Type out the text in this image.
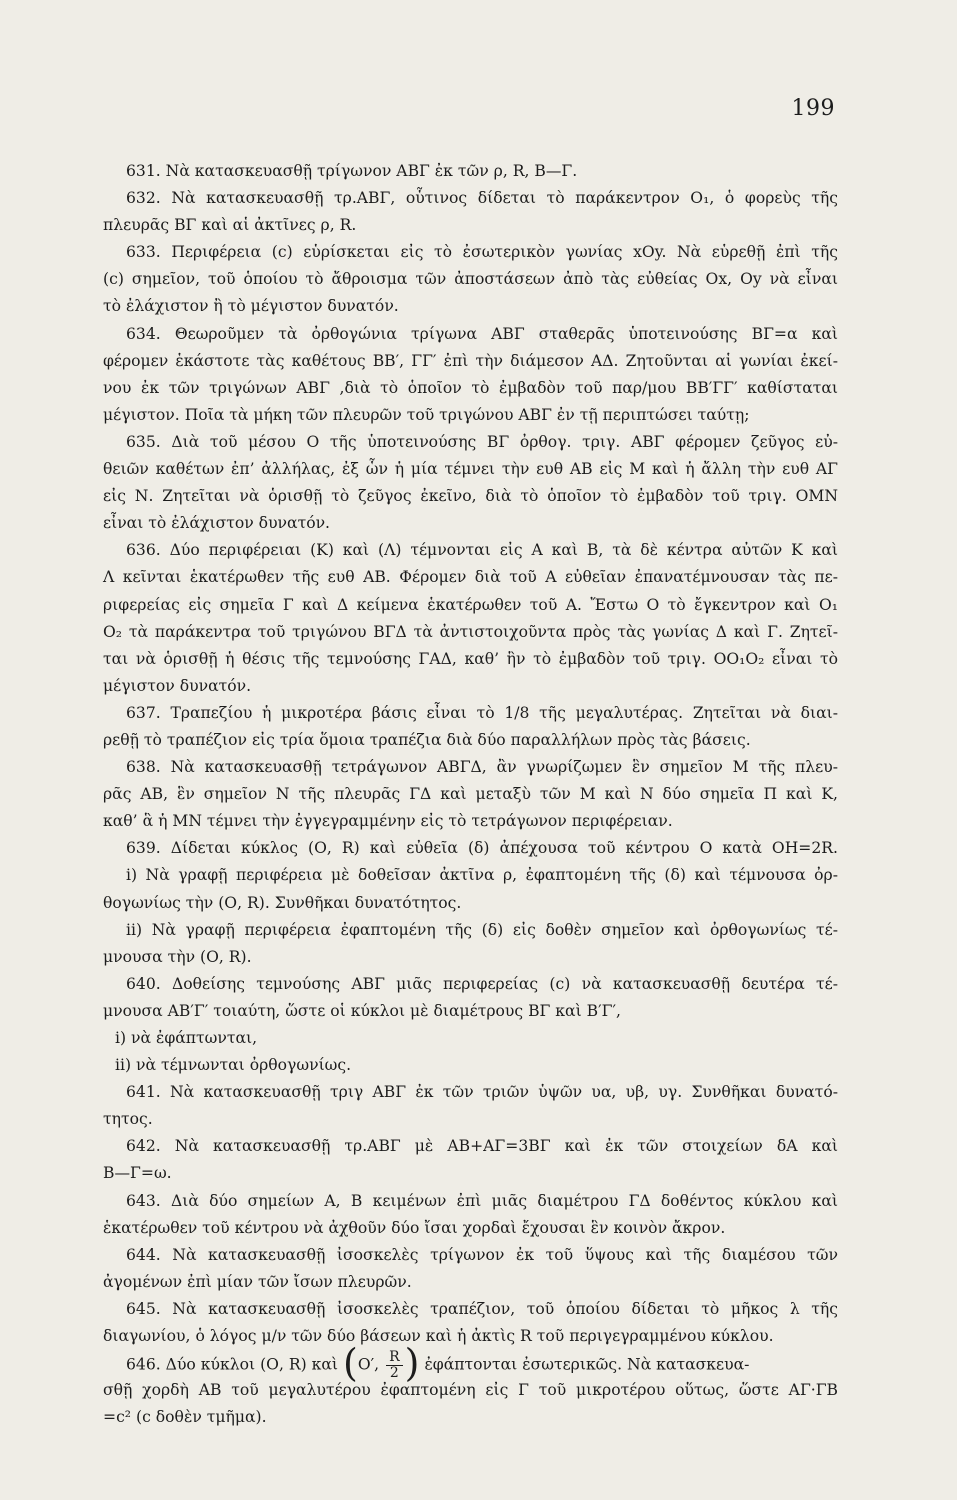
199
631. Νὰ κατασκευασθῇ τρίγωνον ΑΒΓ ἐκ τῶν ρ, R, Β—Γ.
632. Νὰ κατασκευασθῇ τρ.ΑΒΓ, οὗτινος δίδεται τὸ παράκεντρον Ο₁, ὁ φορεὺς τῆς
πλευρᾶς ΒΓ καὶ αἱ ἀκτῖνες ρ, R.
633. Περιφέρεια (c) εὑρίσκεται εἰς τὸ ἐσωτερικὸν γωνίας xOy. Νὰ εὑρεθῇ ἐπὶ τῆς
(c) σημεῖον, τοῦ ὁποίου τὸ ἄθροισμα τῶν ἀποστάσεων ἀπὸ τὰς εὐθείας Οx, Oy νὰ εἶναι
τὸ ἐλάχιστον ἢ τὸ μέγιστον δυνατόν.
634. Θεωροῦμεν τὰ ὀρθογώνια τρίγωνα ΑΒΓ σταθερᾶς ὑποτεινούσης ΒΓ=α καὶ
φέρομεν ἑκάστοτε τὰς καθέτους ΒΒ′, ΓΓ′ ἐπὶ τὴν διάμεσον ΑΔ. Ζητοῦνται αἱ γωνίαι ἐκεί-
νου ἐκ τῶν τριγώνων ΑΒΓ ,διὰ τὸ ὁποῖον τὸ ἐμβαδὸν τοῦ παρ/μου ΒΒ′ΓΓ′ καθίσταται
μέγιστον. Ποῖα τὰ μήκη τῶν πλευρῶν τοῦ τριγώνου ΑΒΓ ἐν τῇ περιπτώσει ταύτῃ;
635. Διὰ τοῦ μέσου Ο τῆς ὑποτεινούσης ΒΓ ὀρθογ. τριγ. ΑΒΓ φέρομεν ζεῦγος εὐ-
θειῶν καθέτων ἐπ’ ἀλλήλας, ἐξ ὧν ἡ μία τέμνει τὴν ευθ ΑΒ εἰς Μ καὶ ἡ ἄλλη τὴν ευθ ΑΓ
εἰς Ν. Ζητεῖται νὰ ὁρισθῇ τὸ ζεῦγος ἐκεῖνο, διὰ τὸ ὁποῖον τὸ ἐμβαδὸν τοῦ τριγ. ΟΜΝ
εἶναι τὸ ἐλάχιστον δυνατόν.
636. Δύο περιφέρειαι (Κ) καὶ (Λ) τέμνονται εἰς Α καὶ Β, τὰ δὲ κέντρα αὐτῶν Κ καὶ
Λ κεῖνται ἑκατέρωθεν τῆς ευθ ΑΒ. Φέρομεν διὰ τοῦ Α εὐθεῖαν ἐπανατέμνουσαν τὰς πε-
ριφερείας εἰς σημεῖα Γ καὶ Δ κείμενα ἑκατέρωθεν τοῦ Α. Ἔστω Ο τὸ ἔγκεντρον καὶ Ο₁
Ο₂ τὰ παράκεντρα τοῦ τριγώνου ΒΓΔ τὰ ἀντιστοιχοῦντα πρὸς τὰς γωνίας Δ καὶ Γ. Ζητεῖ-
ται νὰ ὁρισθῇ ἡ θέσις τῆς τεμνούσης ΓΑΔ, καθ’ ἣν τὸ ἐμβαδὸν τοῦ τριγ. ΟΟ₁Ο₂ εἶναι τὸ
μέγιστον δυνατόν.
637. Τραπεζίου ἡ μικροτέρα βάσις εἶναι τὸ 1/8 τῆς μεγαλυτέρας. Ζητεῖται νὰ διαι-
ρεθῇ τὸ τραπέζιον εἰς τρία ὅμοια τραπέζια διὰ δύο παραλλήλων πρὸς τὰς βάσεις.
638. Νὰ κατασκευασθῇ τετράγωνον ΑΒΓΔ, ἂν γνωρίζωμεν ἓν σημεῖον Μ τῆς πλευ-
ρᾶς ΑΒ, ἓν σημεῖον Ν τῆς πλευρᾶς ΓΔ καὶ μεταξὺ τῶν Μ καὶ Ν δύο σημεῖα Π καὶ Κ,
καθ’ ἃ ἡ ΜΝ τέμνει τὴν ἐγγεγραμμένην εἰς τὸ τετράγωνον περιφέρειαν.
639. Δίδεται κύκλος (Ο, R) καὶ εὐθεῖα (δ) ἀπέχουσα τοῦ κέντρου Ο κατὰ ΟΗ=2R.
i) Νὰ γραφῇ περιφέρεια μὲ δοθεῖσαν ἀκτῖνα ρ, ἐφαπτομένη τῆς (δ) καὶ τέμνουσα ὀρ-
θογωνίως τὴν (Ο, R). Συνθῆκαι δυνατότητος.
ii) Νὰ γραφῇ περιφέρεια ἐφαπτομένη τῆς (δ) εἰς δοθὲν σημεῖον καὶ ὀρθογωνίως τέ-
μνουσα τὴν (Ο, R).
640. Δοθείσης τεμνούσης ΑΒΓ μιᾶς περιφερείας (c) νὰ κατασκευασθῇ δευτέρα τέ-
μνουσα ΑΒ′Γ′ τοιαύτη, ὥστε οἱ κύκλοι μὲ διαμέτρους ΒΓ καὶ Β′Γ′,
i) νὰ ἐφάπτωνται,
ii) νὰ τέμνωνται ὀρθογωνίως.
641. Νὰ κατασκευασθῇ τριγ ΑΒΓ ἐκ τῶν τριῶν ὑψῶν υα, υβ, υγ. Συνθῆκαι δυνατό-
τητος.
642. Νὰ κατασκευασθῇ τρ.ΑΒΓ μὲ ΑΒ+ΑΓ=3ΒΓ καὶ ἐκ τῶν στοιχείων δΑ καὶ
Β—Γ=ω.
643. Διὰ δύο σημείων Α, Β κειμένων ἐπὶ μιᾶς διαμέτρου ΓΔ δοθέντος κύκλου καὶ
ἑκατέρωθεν τοῦ κέντρου νὰ ἀχθοῦν δύο ἴσαι χορδαὶ ἔχουσαι ἓν κοινὸν ἄκρον.
644. Νὰ κατασκευασθῇ ἰσοσκελὲς τρίγωνον ἐκ τοῦ ὕψους καὶ τῆς διαμέσου τῶν
ἀγομένων ἐπὶ μίαν τῶν ἴσων πλευρῶν.
645. Νὰ κατασκευασθῇ ἰσοσκελὲς τραπέζιον, τοῦ ὁποίου δίδεται τὸ μῆκος λ τῆς
διαγωνίου, ὁ λόγος μ/ν τῶν δύο βάσεων καὶ ἡ ἀκτὶς R τοῦ περιγεγραμμένου κύκλου.
646. Δύο κύκλοι (Ο, R) καὶ (Ο′, $\frac{R}{2}$ ) ἐφάπτονται ἐσωτερικῶς. Νὰ κατασκευα-
σθῇ χορδὴ ΑΒ τοῦ μεγαλυτέρου ἐφαπτομένη εἰς Γ τοῦ μικροτέρου οὕτως, ὥστε ΑΓ·ΓΒ
=c² (c δοθὲν τμῆμα).
